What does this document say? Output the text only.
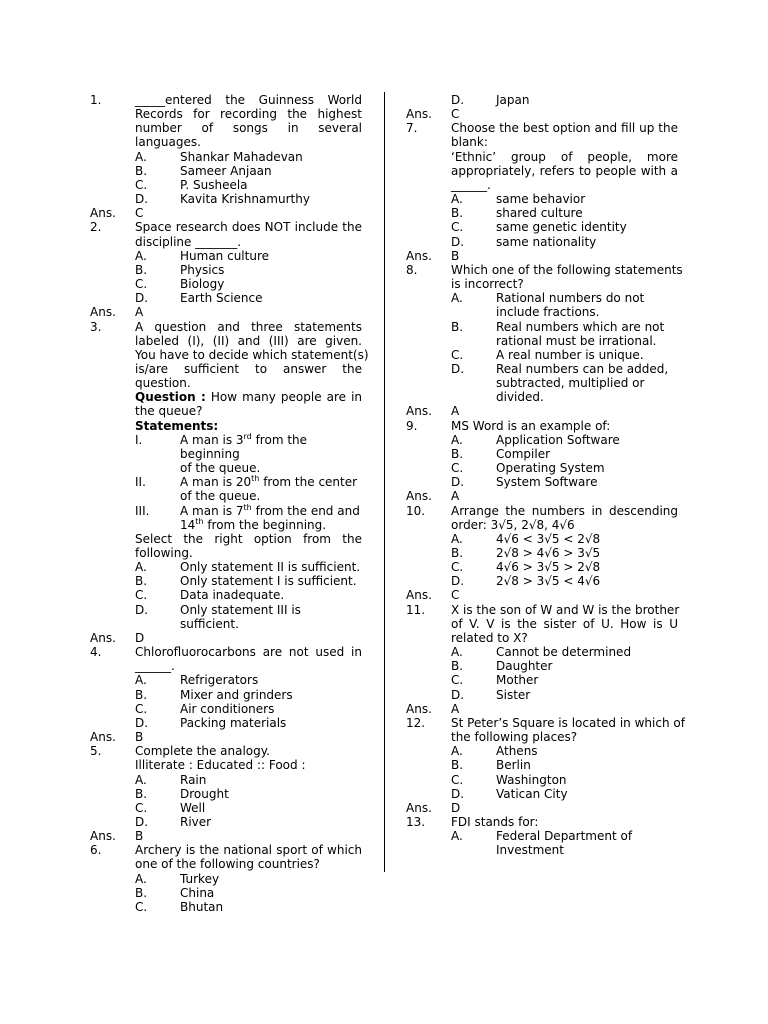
1.	_____entered the Guinness World
Records for recording the highest
number of songs in several languages.
A.	Shankar Mahadevan
B.	Sameer Anjaan
C.	P. Susheela
D.	Kavita Krishnamurthy
Ans.	C
2.	Space research does NOT include the
discipline _______.
A.	Human culture
B.	Physics
C.	Biology
D.	Earth Science
Ans.	A
3.	A question and three statements
labeled (I), (II) and (III) are given.
You have to decide which statement(s)
is/are sufficient to answer the
question.
Question : How many people are in
the queue?
Statements:
I.	A man is 3rd from the beginning
of the queue.
II.	A man is 20th from the center
of the queue.
III.	A man is 7th from the end and
14th from the beginning.
Select the right option from the
following.
A.	Only statement II is sufficient.
B.	Only statement I is sufficient.
C.	Data inadequate.
D.	Only statement III is sufficient.
Ans.	D
4.	Chlorofluorocarbons are not used in
______.
A.	Refrigerators
B.	Mixer and grinders
C.	Air conditioners
D.	Packing materials
Ans.	B
5.	Complete the analogy.
Illiterate : Educated :: Food :
A.	Rain
B.	Drought
C.	Well
D.	River
Ans.	B
6.	Archery is the national sport of which
one of the following countries?
A.	Turkey
B.	China
C.	Bhutan
D.	Japan
Ans.	C
7.	Choose the best option and fill up the
blank:
‘Ethnic’ group of people, more
appropriately, refers to people with a
______.
A.	same behavior
B.	shared culture
C.	same genetic identity
D.	same nationality
Ans.	B
8.	Which one of the following statements
is incorrect?
A.	Rational numbers do not
include fractions.
B.	Real numbers which are not
rational must be irrational.
C.	A real number is unique.
D.	Real numbers can be added,
subtracted, multiplied or
divided.
Ans.	A
9.	MS Word is an example of:
A.	Application Software
B.	Compiler
C.	Operating System
D.	System Software
Ans.	A
10. Arrange the numbers in descending
order: 3√5, 2√8, 4√6
A.	4√6 < 3√5 < 2√8
B.	2√8 > 4√6 > 3√5
C.	4√6 > 3√5 > 2√8
D.	2√8 > 3√5 < 4√6
Ans.	C
11. X is the son of W and W is the brother
of V. V is the sister of U. How is U
related to X?
A.	Cannot be determined
B.	Daughter
C.	Mother
D.	Sister
Ans.	A
12. St Peter’s Square is located in which of
the following places?
A.	Athens
B.	Berlin
C.	Washington
D.	Vatican City
Ans.	D
13. FDI stands for:
A.	Federal Department of
Investment
